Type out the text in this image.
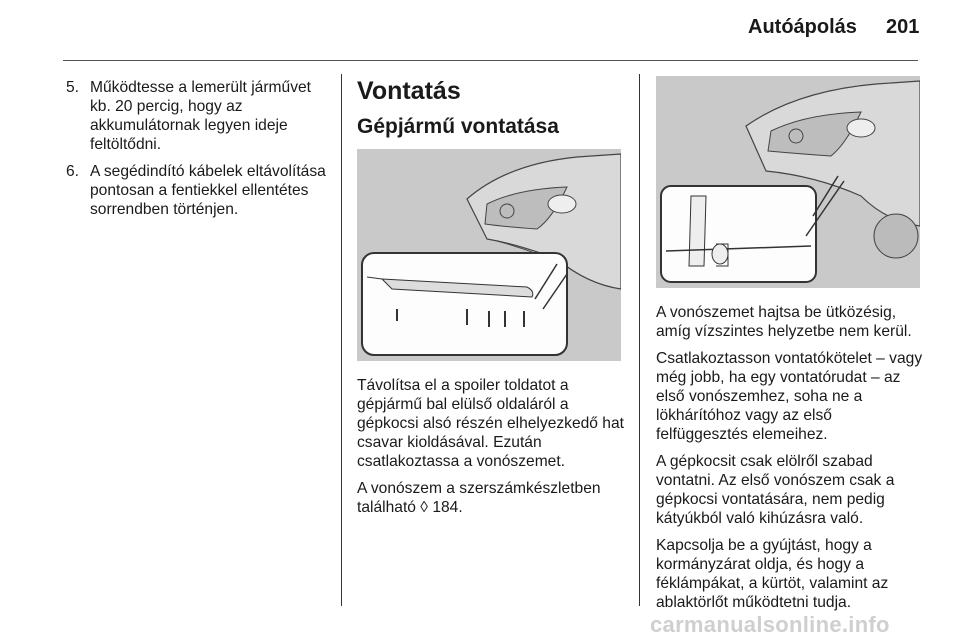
Autóápolás 201
5. Működtesse a lemerült járművet kb. 20 percig, hogy az akkumulátornak legyen ideje feltöltődni.
6. A segédindító kábelek eltávolítása pontosan a fentiekkel ellentétes sorrendben történjen.
Vontatás
Gépjármű vontatása

Távolítsa el a spoiler toldatot a gépjármű bal elülső oldaláról a gépkocsi alsó részén elhelyezkedő hat csavar kioldásával. Ezután csatlakoztassa a vonószemet.

A vonószem a szerszámkészletben található ◊ 184.

A vonószemet hajtsa be ütközésig, amíg vízszintes helyzetbe nem kerül.

Csatlakoztasson vontatókötelet – vagy még jobb, ha egy vontatórudat – az első vonószemhez, soha ne a lökhárítóhoz vagy az első felfüggesztés elemeihez.

A gépkocsit csak elölről szabad vontatni. Az első vonószem csak a gépkocsi vontatására, nem pedig kátyúkból való kihúzásra való.

Kapcsolja be a gyújtást, hogy a kormányzárat oldja, és hogy a féklámpákat, a kürtöt, valamint az ablaktörlőt működtetni tudja.

carmanualsonline.info
